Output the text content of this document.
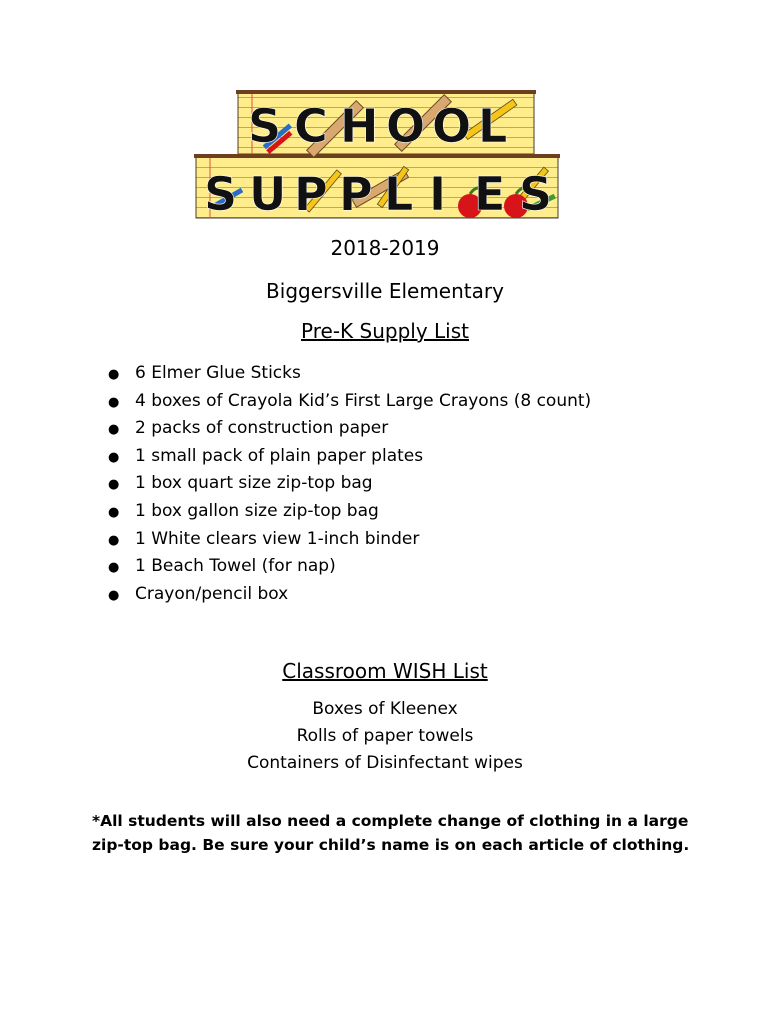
S C H O O L
S U P P L I E S
2018-2019
Biggersville Elementary
Pre-K Supply List
● 6 Elmer Glue Sticks
● 4 boxes of Crayola Kid’s First Large Crayons (8 count)
● 2 packs of construction paper
● 1 small pack of plain paper plates
● 1 box quart size zip-top bag
● 1 box gallon size zip-top bag
● 1 White clears view 1-inch binder
● 1 Beach Towel (for nap)
● Crayon/pencil box
Classroom WISH List
Boxes of Kleenex
Rolls of paper towels
Containers of Disinfectant wipes
*All students will also need a complete change of clothing in a large zip-top bag. Be sure your child’s name is on each article of clothing.
